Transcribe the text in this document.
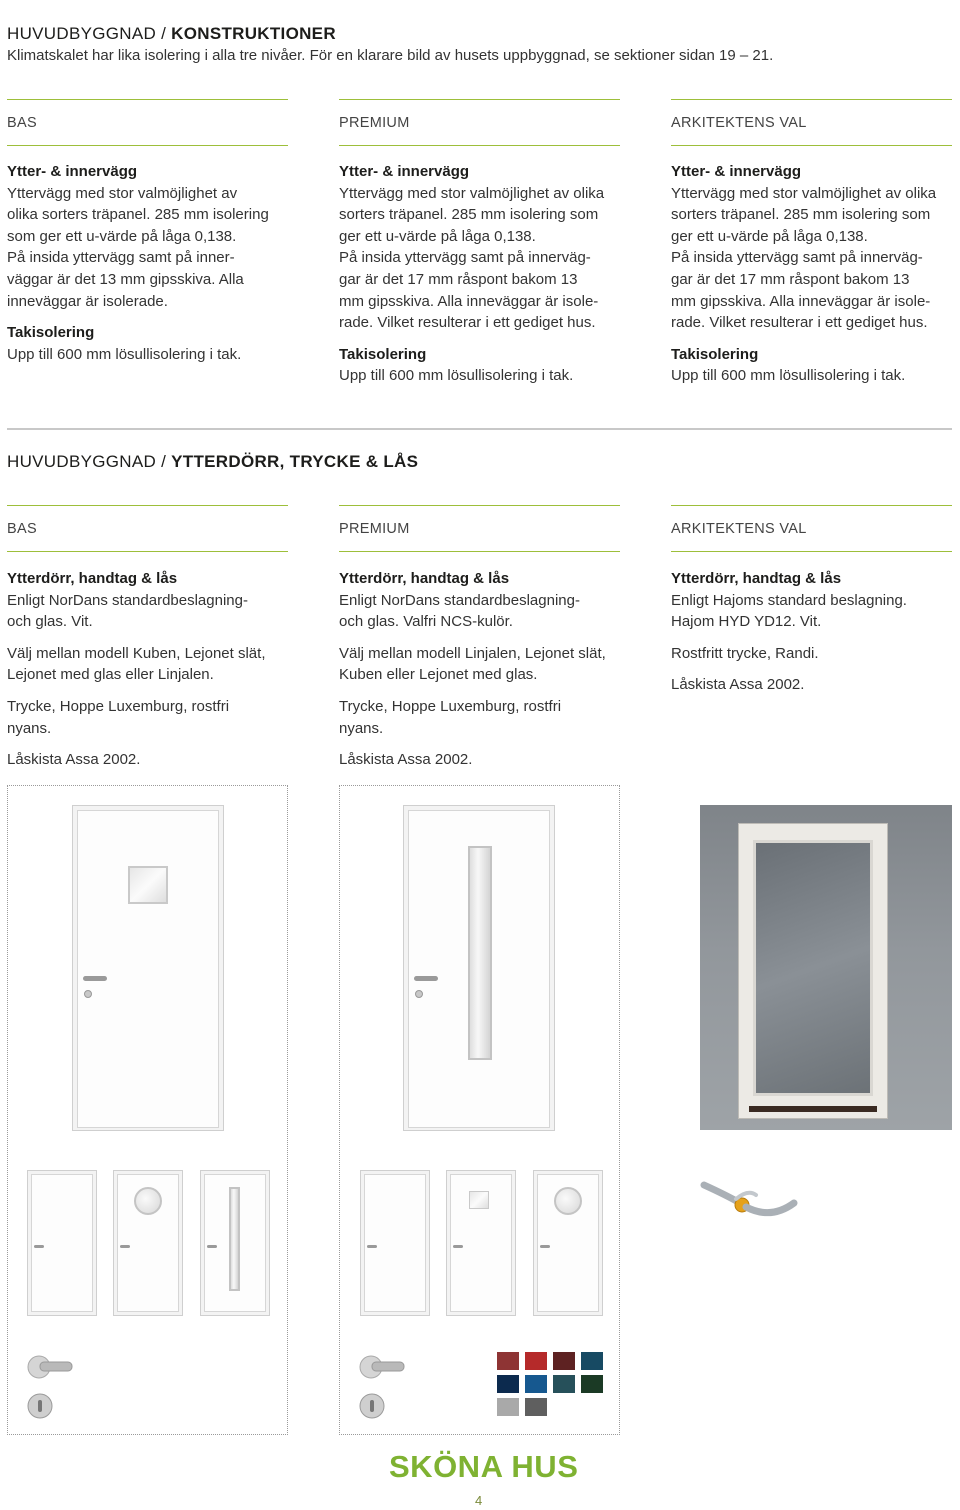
HUVUDBYGGNAD / KONSTRUKTIONER
Klimatskalet har lika isolering i alla tre nivåer. För en klarare bild av husets uppbyggnad, se sektioner sidan 19 – 21.
BAS	PREMIUM	ARKITEKTENS VAL

Ytter- & innervägg

Yttervägg med stor valmöjlighet av

olika sorters träpanel. 285 mm isolering

som ger ett u-värde på låga 0,138.

På insida yttervägg samt på inner-

väggar är det 13 mm gipsskiva. Alla

inneväggar är isolerade.

Takisolering

Upp till 600 mm lösullisolering i tak.

Ytter- & innervägg

Yttervägg med stor valmöjlighet av olika

sorters träpanel. 285 mm isolering som

ger ett u-värde på låga 0,138.

På insida yttervägg samt på innerväg-

gar är det 17 mm råspont bakom 13

mm gipsskiva. Alla inneväggar är isole-

rade. Vilket resulterar i ett gediget hus.

Takisolering

Upp till 600 mm lösullisolering i tak.

Ytter- & innervägg

Yttervägg med stor valmöjlighet av olika

sorters träpanel. 285 mm isolering som

ger ett u-värde på låga 0,138.

På insida yttervägg samt på innerväg-

gar är det 17 mm råspont bakom 13

mm gipsskiva. Alla inneväggar är isole-

rade. Vilket resulterar i ett gediget hus.

Takisolering

Upp till 600 mm lösullisolering i tak.

HUVUDBYGGNAD / YTTERDÖRR, TRYCKE & LÅS
BAS	PREMIUM	ARKITEKTENS VAL

Ytterdörr, handtag & lås

Enligt NorDans standardbeslagning-

och glas. Vit.

Välj mellan modell Kuben, Lejonet slät,

Lejonet med glas eller Linjalen.

Trycke, Hoppe Luxemburg, rostfri

nyans.

Låskista Assa 2002.

Ytterdörr, handtag & lås

Enligt NorDans standardbeslagning-

och glas. Valfri NCS-kulör.

Välj mellan modell Linjalen, Lejonet slät,

Kuben eller Lejonet med glas.

Trycke, Hoppe Luxemburg, rostfri

nyans.

Låskista Assa 2002.

Ytterdörr, handtag & lås

Enligt Hajoms standard beslagning.

Hajom HYD YD12. Vit.

Rostfritt trycke, Randi.

Låskista Assa 2002.

SKÖNA HUS
4
